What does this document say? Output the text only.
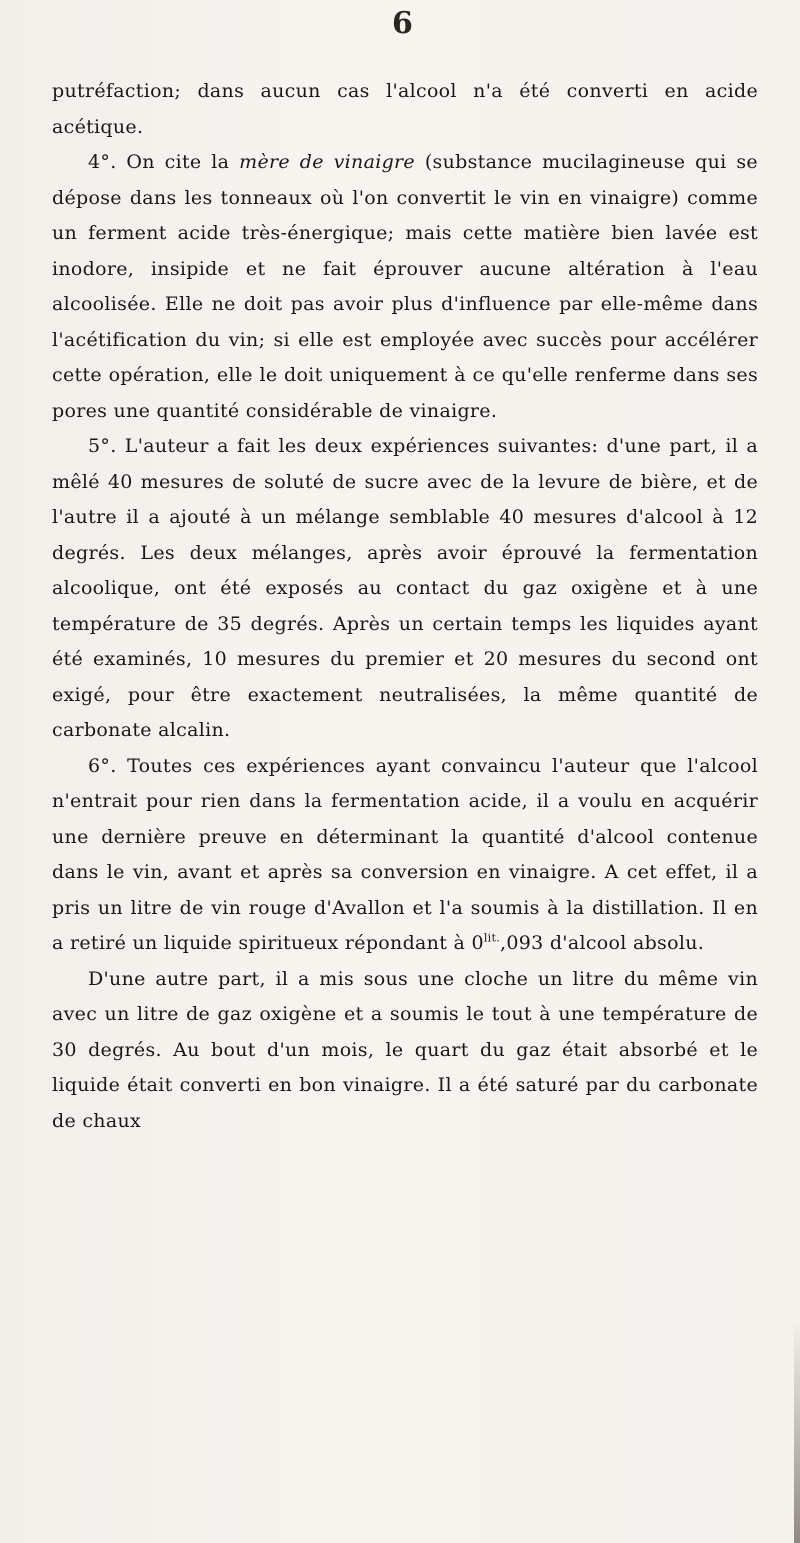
6

putréfaction; dans aucun cas l'alcool n'a été converti en acide acétique.

4°. On cite la mère de vinaigre (substance mucilagineuse qui se dépose dans les tonneaux où l'on convertit le vin en vinaigre) comme un ferment acide très-énergique; mais cette matière bien lavée est inodore, insipide et ne fait éprouver aucune altération à l'eau alcoolisée. Elle ne doit pas avoir plus d'influence par elle-même dans l'acétification du vin; si elle est employée avec succès pour accélérer cette opération, elle le doit uniquement à ce qu'elle renferme dans ses pores une quantité considérable de vinaigre.

5°. L'auteur a fait les deux expériences suivantes: d'une part, il a mêlé 40 mesures de soluté de sucre avec de la levure de bière, et de l'autre il a ajouté à un mélange semblable 40 mesures d'alcool à 12 degrés. Les deux mélanges, après avoir éprouvé la fermentation alcoolique, ont été exposés au contact du gaz oxigène et à une température de 35 degrés. Après un certain temps les liquides ayant été examinés, 10 mesures du premier et 20 mesures du second ont exigé, pour être exactement neutralisées, la même quantité de carbonate alcalin.

6°. Toutes ces expériences ayant convaincu l'auteur que l'alcool n'entrait pour rien dans la fermentation acide, il a voulu en acquérir une dernière preuve en déterminant la quantité d'alcool contenue dans le vin, avant et après sa conversion en vinaigre. A cet effet, il a pris un litre de vin rouge d'Avallon et l'a soumis à la distillation. Il en a retiré un liquide spiritueux répondant à $0^{lit.},093$ d'alcool absolu.

D'une autre part, il a mis sous une cloche un litre du même vin avec un litre de gaz oxigène et a soumis le tout à une température de 30 degrés. Au bout d'un mois, le quart du gaz était absorbé et le liquide était converti en bon vinaigre. Il a été saturé par du carbonate de chaux
